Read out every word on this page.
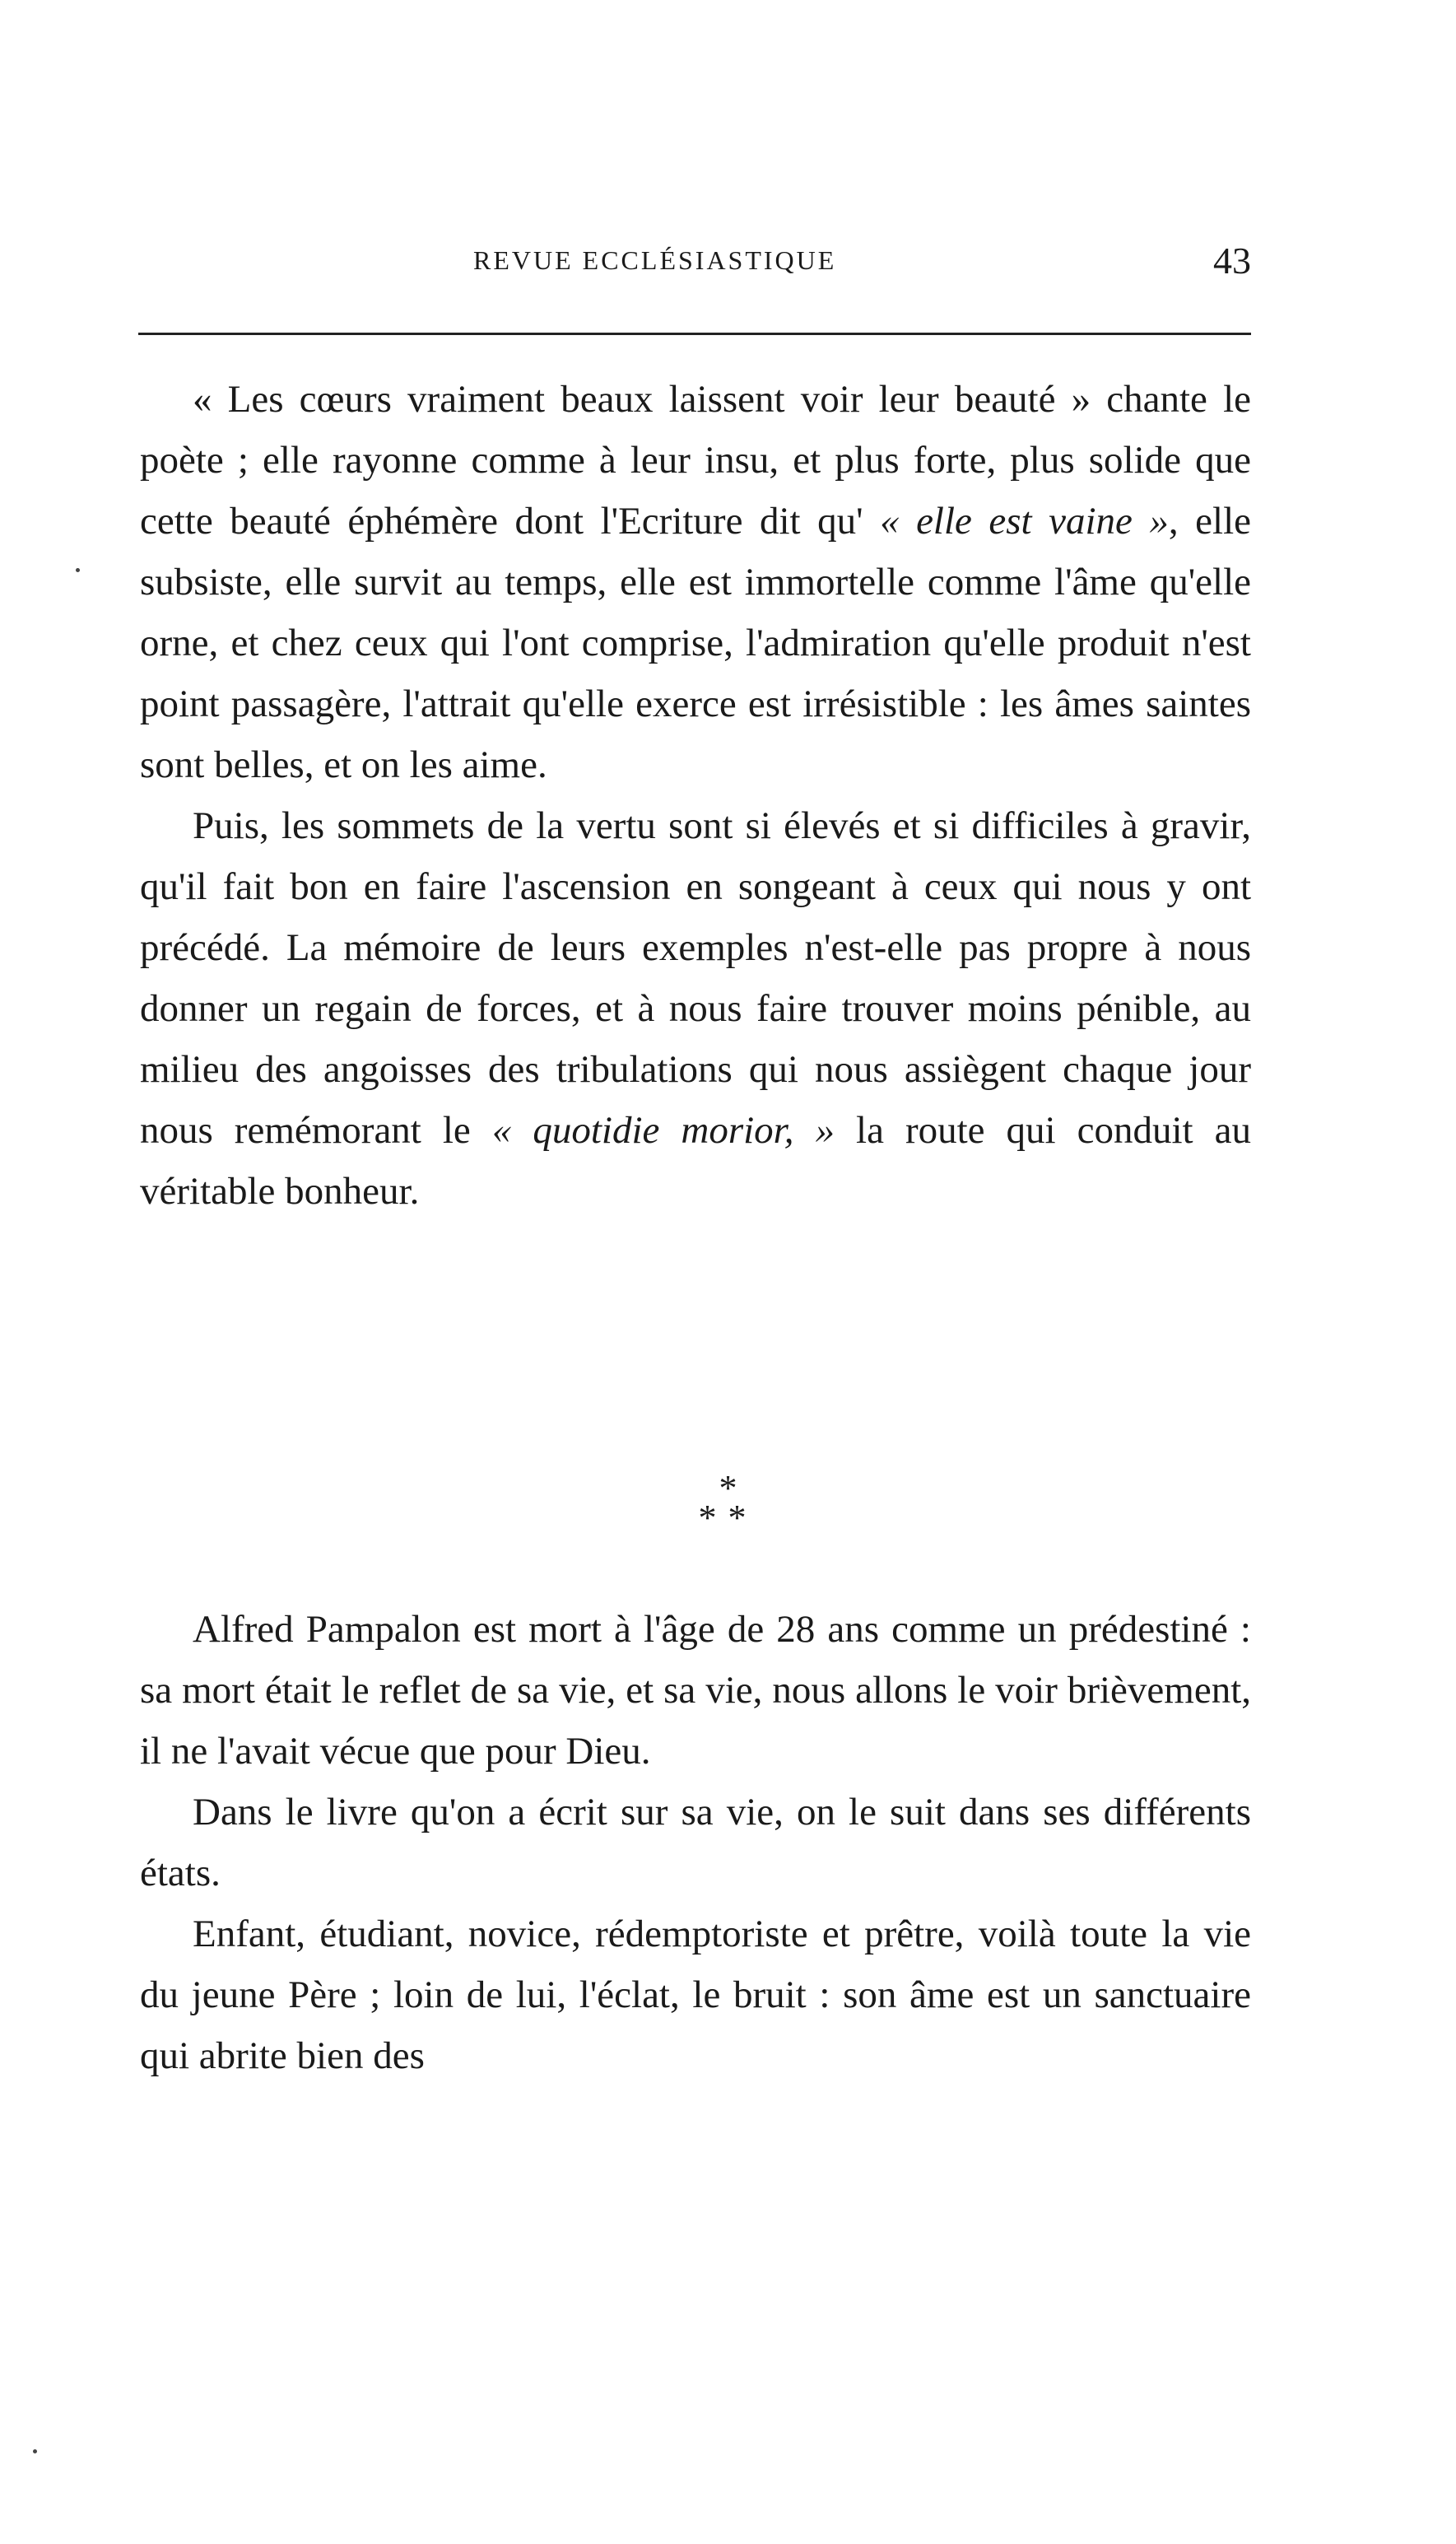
REVUE ECCLÉSIASTIQUE	43

« Les cœurs vraiment beaux laissent voir leur beauté » chante le poète ; elle rayonne comme à leur insu, et plus forte, plus solide que cette beauté éphémère dont l'Ecriture dit qu' « elle est vaine », elle subsiste, elle survit au temps, elle est immortelle comme l'âme qu'elle orne, et chez ceux qui l'ont comprise, l'admiration qu'elle produit n'est point passagère, l'attrait qu'elle exerce est irrésistible : les âmes saintes sont belles, et on les aime.

Puis, les sommets de la vertu sont si élevés et si difficiles à gravir, qu'il fait bon en faire l'ascension en songeant à ceux qui nous y ont précédé. La mémoire de leurs exemples n'est-elle pas propre à nous donner un regain de forces, et à nous faire trouver moins pénible, au milieu des angoisses des tribulations qui nous assiègent chaque jour nous remémorant le « quotidie morior, » la route qui conduit au véritable bonheur.

*
**

Alfred Pampalon est mort à l'âge de 28 ans comme un prédestiné : sa mort était le reflet de sa vie, et sa vie, nous allons le voir brièvement, il ne l'avait vécue que pour Dieu.

Dans le livre qu'on a écrit sur sa vie, on le suit dans ses différents états.

Enfant, étudiant, novice, rédemptoriste et prêtre, voilà toute la vie du jeune Père ; loin de lui, l'éclat, le bruit : son âme est un sanctuaire qui abrite bien des
